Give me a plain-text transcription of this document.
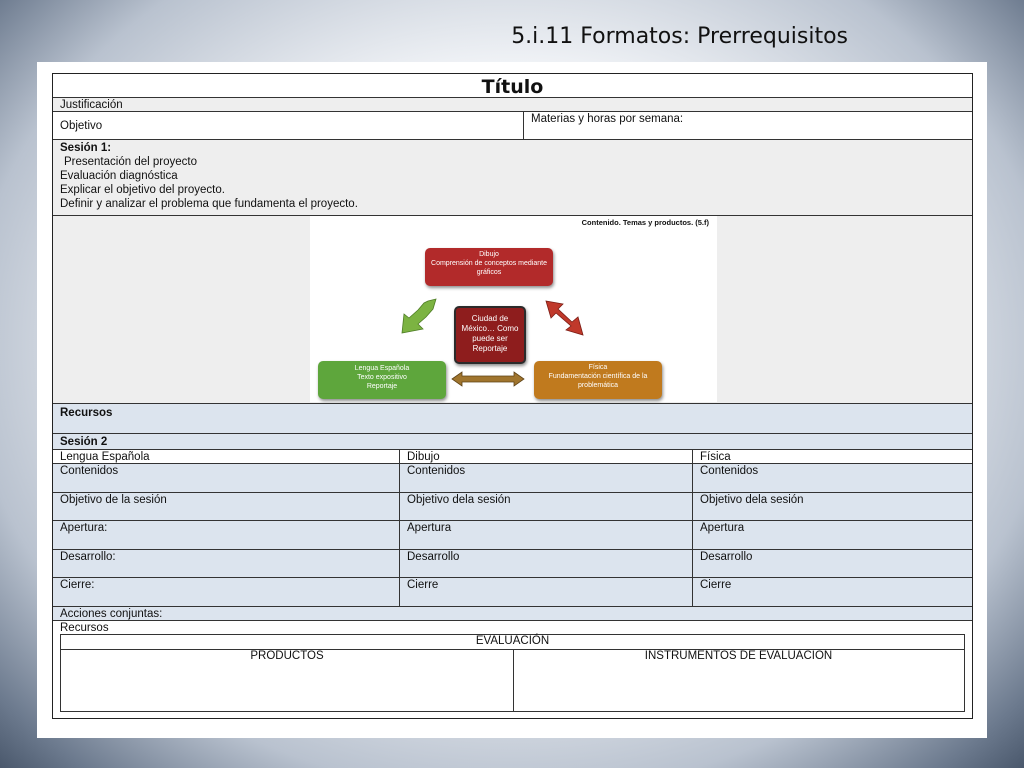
5.i.11 Formatos: Prerrequisitos
Título
Justificación
Objetivo
Materias y horas por semana:
Sesión 1:
Presentación del proyecto
Evaluación diagnóstica
Explicar el objetivo del proyecto.
Definir y analizar el problema que fundamenta el proyecto.
Contenido. Temas y productos. (5.f)
Dibujo
Comprensión de conceptos mediante gráficos
Ciudad de México… Como puede ser Reportaje
Lengua Española
Texto expositivo
Reportaje
Física
Fundamentación científica de la problemática
Recursos
Sesión 2
Lengua Española	Dibujo	Física
Contenidos	Contenidos	Contenidos
Objetivo de la sesión	Objetivo dela sesión	Objetivo dela sesión
Apertura:	Apertura	Apertura
Desarrollo:	Desarrollo	Desarrollo
Cierre:	Cierre	Cierre
Acciones conjuntas:
Recursos
EVALUACIÓN
PRODUCTOS	INSTRUMENTOS DE EVALUACION
